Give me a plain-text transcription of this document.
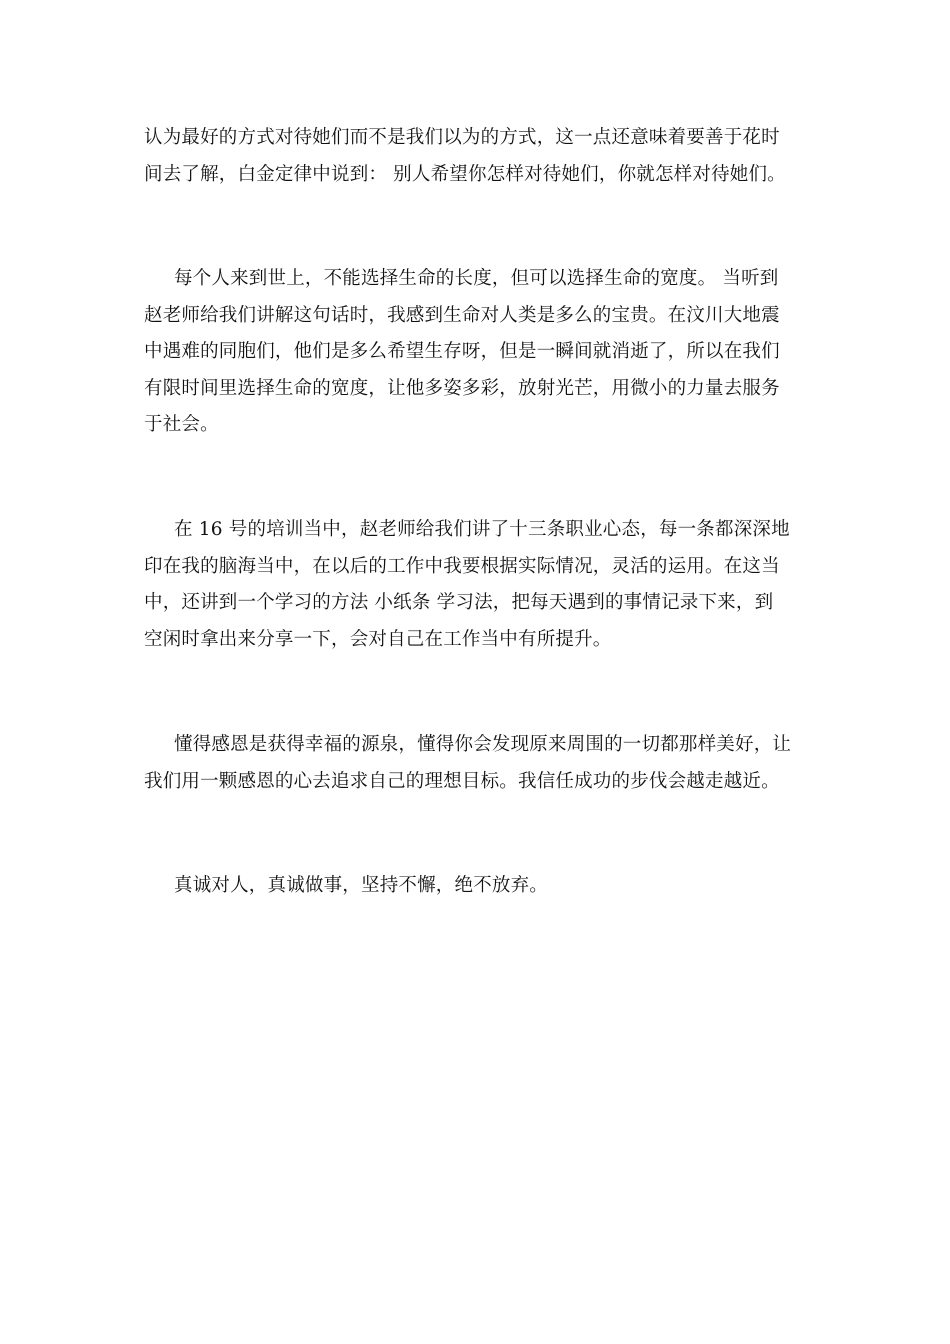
认为最好的方式对待她们而不是我们以为的方式，这一点还意味着要善于花时
间去了解，白金定律中说到： 别人希望你怎样对待她们，你就怎样对待她们。
每个人来到世上，不能选择生命的长度，但可以选择生命的宽度。 当听到
赵老师给我们讲解这句话时，我感到生命对人类是多么的宝贵。在汶川大地震
中遇难的同胞们，他们是多么希望生存呀，但是一瞬间就消逝了，所以在我们
有限时间里选择生命的宽度，让他多姿多彩，放射光芒，用微小的力量去服务
于社会。
在 16 号的培训当中，赵老师给我们讲了十三条职业心态，每一条都深深地
印在我的脑海当中，在以后的工作中我要根据实际情况，灵活的运用。在这当
中，还讲到一个学习的方法 小纸条 学习法，把每天遇到的事情记录下来，到
空闲时拿出来分享一下，会对自己在工作当中有所提升。
懂得感恩是获得幸福的源泉，懂得你会发现原来周围的一切都那样美好，让
我们用一颗感恩的心去追求自己的理想目标。我信任成功的步伐会越走越近。
真诚对人，真诚做事，坚持不懈，绝不放弃。
